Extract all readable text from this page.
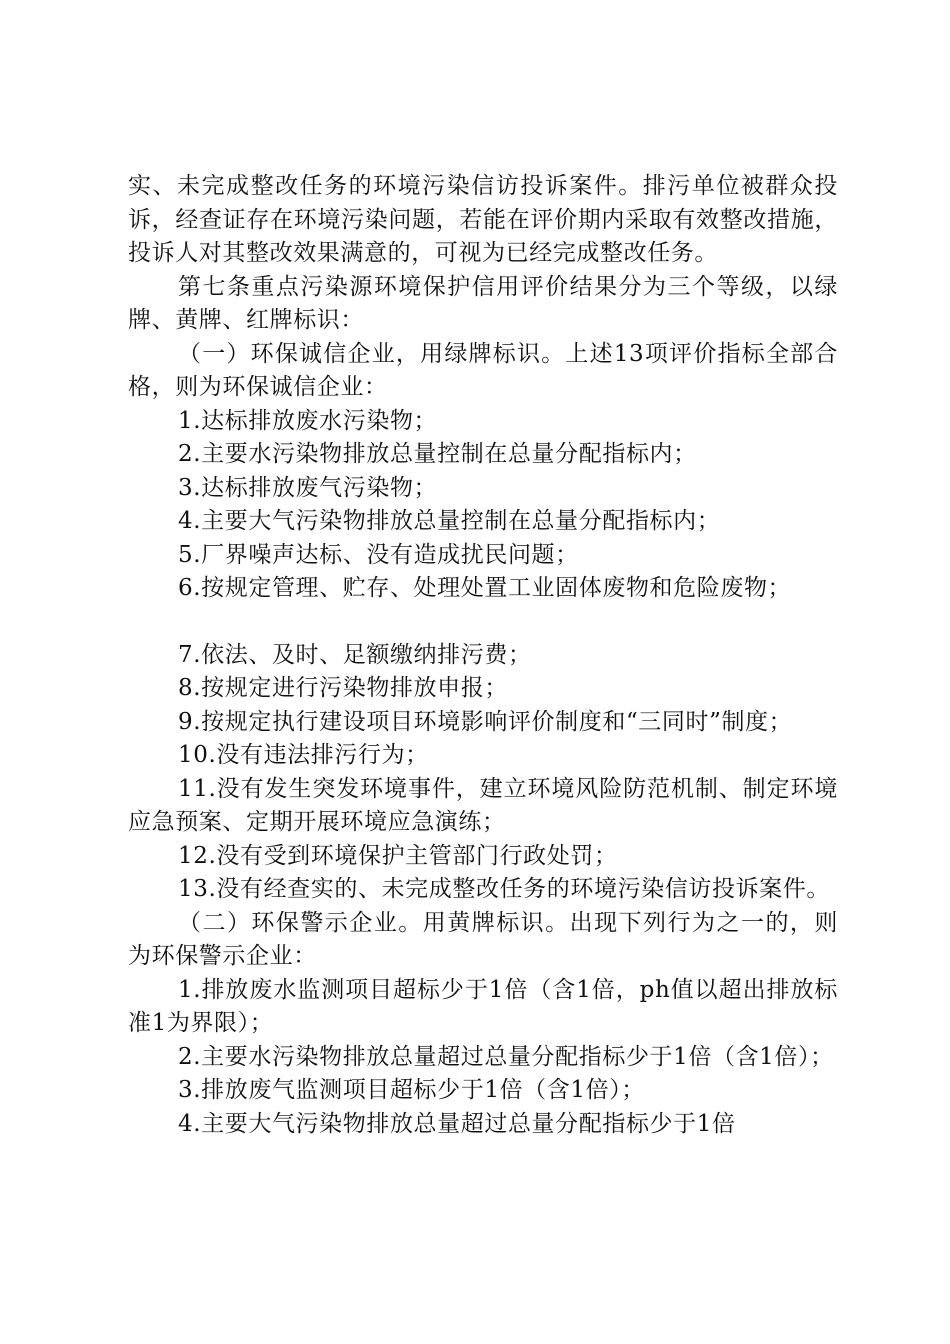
实、未完成整改任务的环境污染信访投诉案件。排污单位被群众投诉，经查证存在环境污染问题，若能在评价期内采取有效整改措施，投诉人对其整改效果满意的，可视为已经完成整改任务。

第七条重点污染源环境保护信用评价结果分为三个等级，以绿牌、黄牌、红牌标识：

（一）环保诚信企业，用绿牌标识。上述13项评价指标全部合格，则为环保诚信企业：

1.达标排放废水污染物；

2.主要水污染物排放总量控制在总量分配指标内；

3.达标排放废气污染物；

4.主要大气污染物排放总量控制在总量分配指标内；

5.厂界噪声达标、没有造成扰民问题；

6.按规定管理、贮存、处理处置工业固体废物和危险废物；

7.依法、及时、足额缴纳排污费；

8.按规定进行污染物排放申报；

9.按规定执行建设项目环境影响评价制度和“三同时”制度；

10.没有违法排污行为；

11.没有发生突发环境事件，建立环境风险防范机制、制定环境应急预案、定期开展环境应急演练；

12.没有受到环境保护主管部门行政处罚；

13.没有经查实的、未完成整改任务的环境污染信访投诉案件。

（二）环保警示企业。用黄牌标识。出现下列行为之一的，则为环保警示企业：

1.排放废水监测项目超标少于1倍（含1倍，ph值以超出排放标准1为界限）；

2.主要水污染物排放总量超过总量分配指标少于1倍（含1倍）；

3.排放废气监测项目超标少于1倍（含1倍）；

4.主要大气污染物排放总量超过总量分配指标少于1倍
